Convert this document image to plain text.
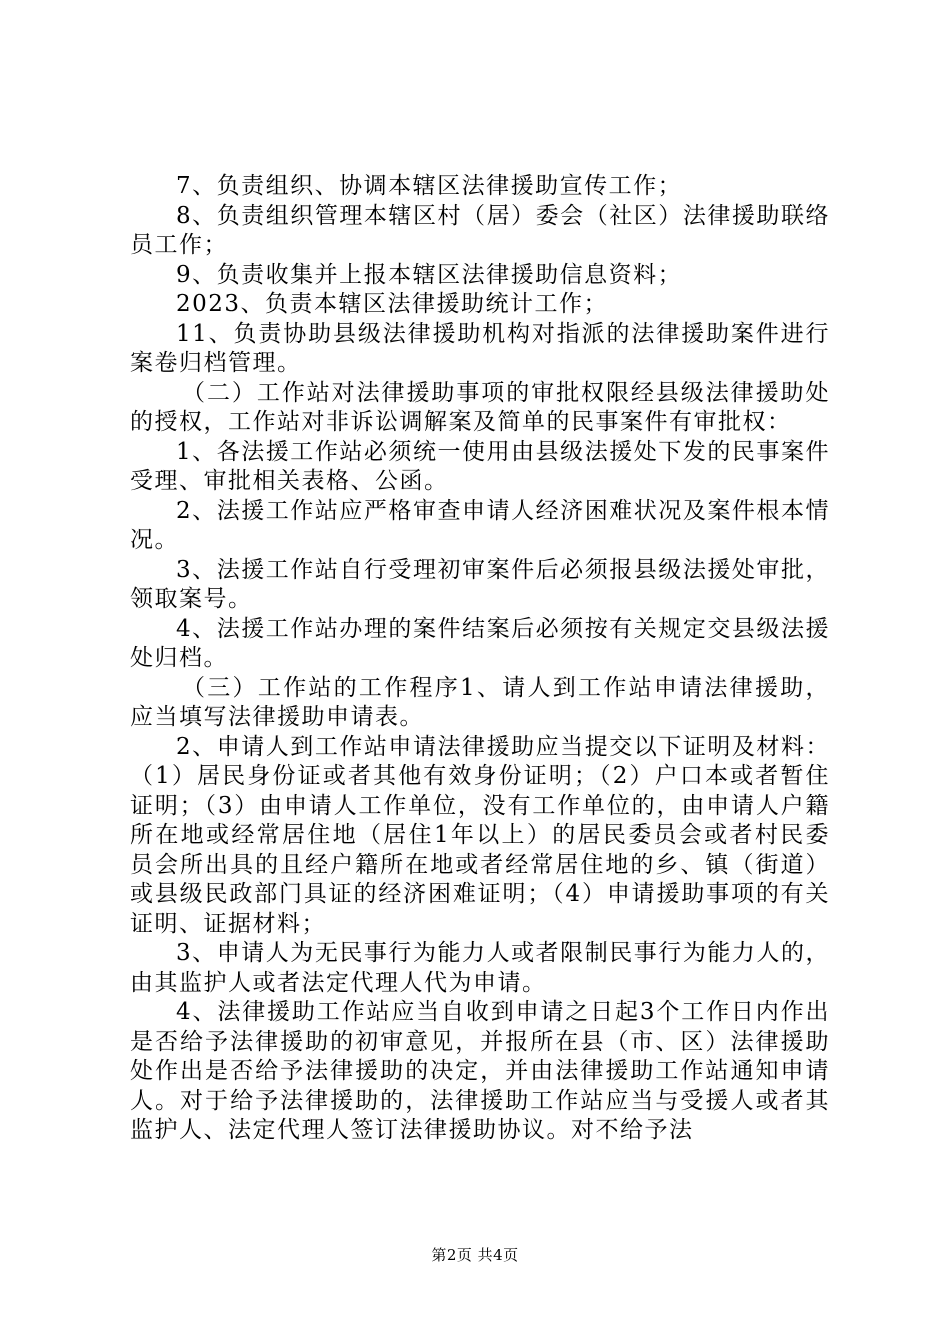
7、负责组织、协调本辖区法律援助宣传工作；

8、负责组织管理本辖区村（居）委会（社区）法律援助联络员工作；

9、负责收集并上报本辖区法律援助信息资料；

2023、负责本辖区法律援助统计工作；

11、负责协助县级法律援助机构对指派的法律援助案件进行案卷归档管理。

（二）工作站对法律援助事项的审批权限经县级法律援助处的授权，工作站对非诉讼调解案及简单的民事案件有审批权：

1、各法援工作站必须统一使用由县级法援处下发的民事案件受理、审批相关表格、公函。

2、法援工作站应严格审查申请人经济困难状况及案件根本情况。

3、法援工作站自行受理初审案件后必须报县级法援处审批，领取案号。

4、法援工作站办理的案件结案后必须按有关规定交县级法援处归档。

（三）工作站的工作程序1、请人到工作站申请法律援助，应当填写法律援助申请表。

2、申请人到工作站申请法律援助应当提交以下证明及材料：（1）居民身份证或者其他有效身份证明；（2）户口本或者暂住证明；（3）由申请人工作单位，没有工作单位的，由申请人户籍所在地或经常居住地（居住1年以上）的居民委员会或者村民委员会所出具的且经户籍所在地或者经常居住地的乡、镇（街道）或县级民政部门具证的经济困难证明；（4）申请援助事项的有关证明、证据材料；

3、申请人为无民事行为能力人或者限制民事行为能力人的，由其监护人或者法定代理人代为申请。

4、法律援助工作站应当自收到申请之日起3个工作日内作出是否给予法律援助的初审意见，并报所在县（市、区）法律援助处作出是否给予法律援助的决定，并由法律援助工作站通知申请人。对于给予法律援助的，法律援助工作站应当与受援人或者其监护人、法定代理人签订法律援助协议。对不给予法

第2页 共4页
